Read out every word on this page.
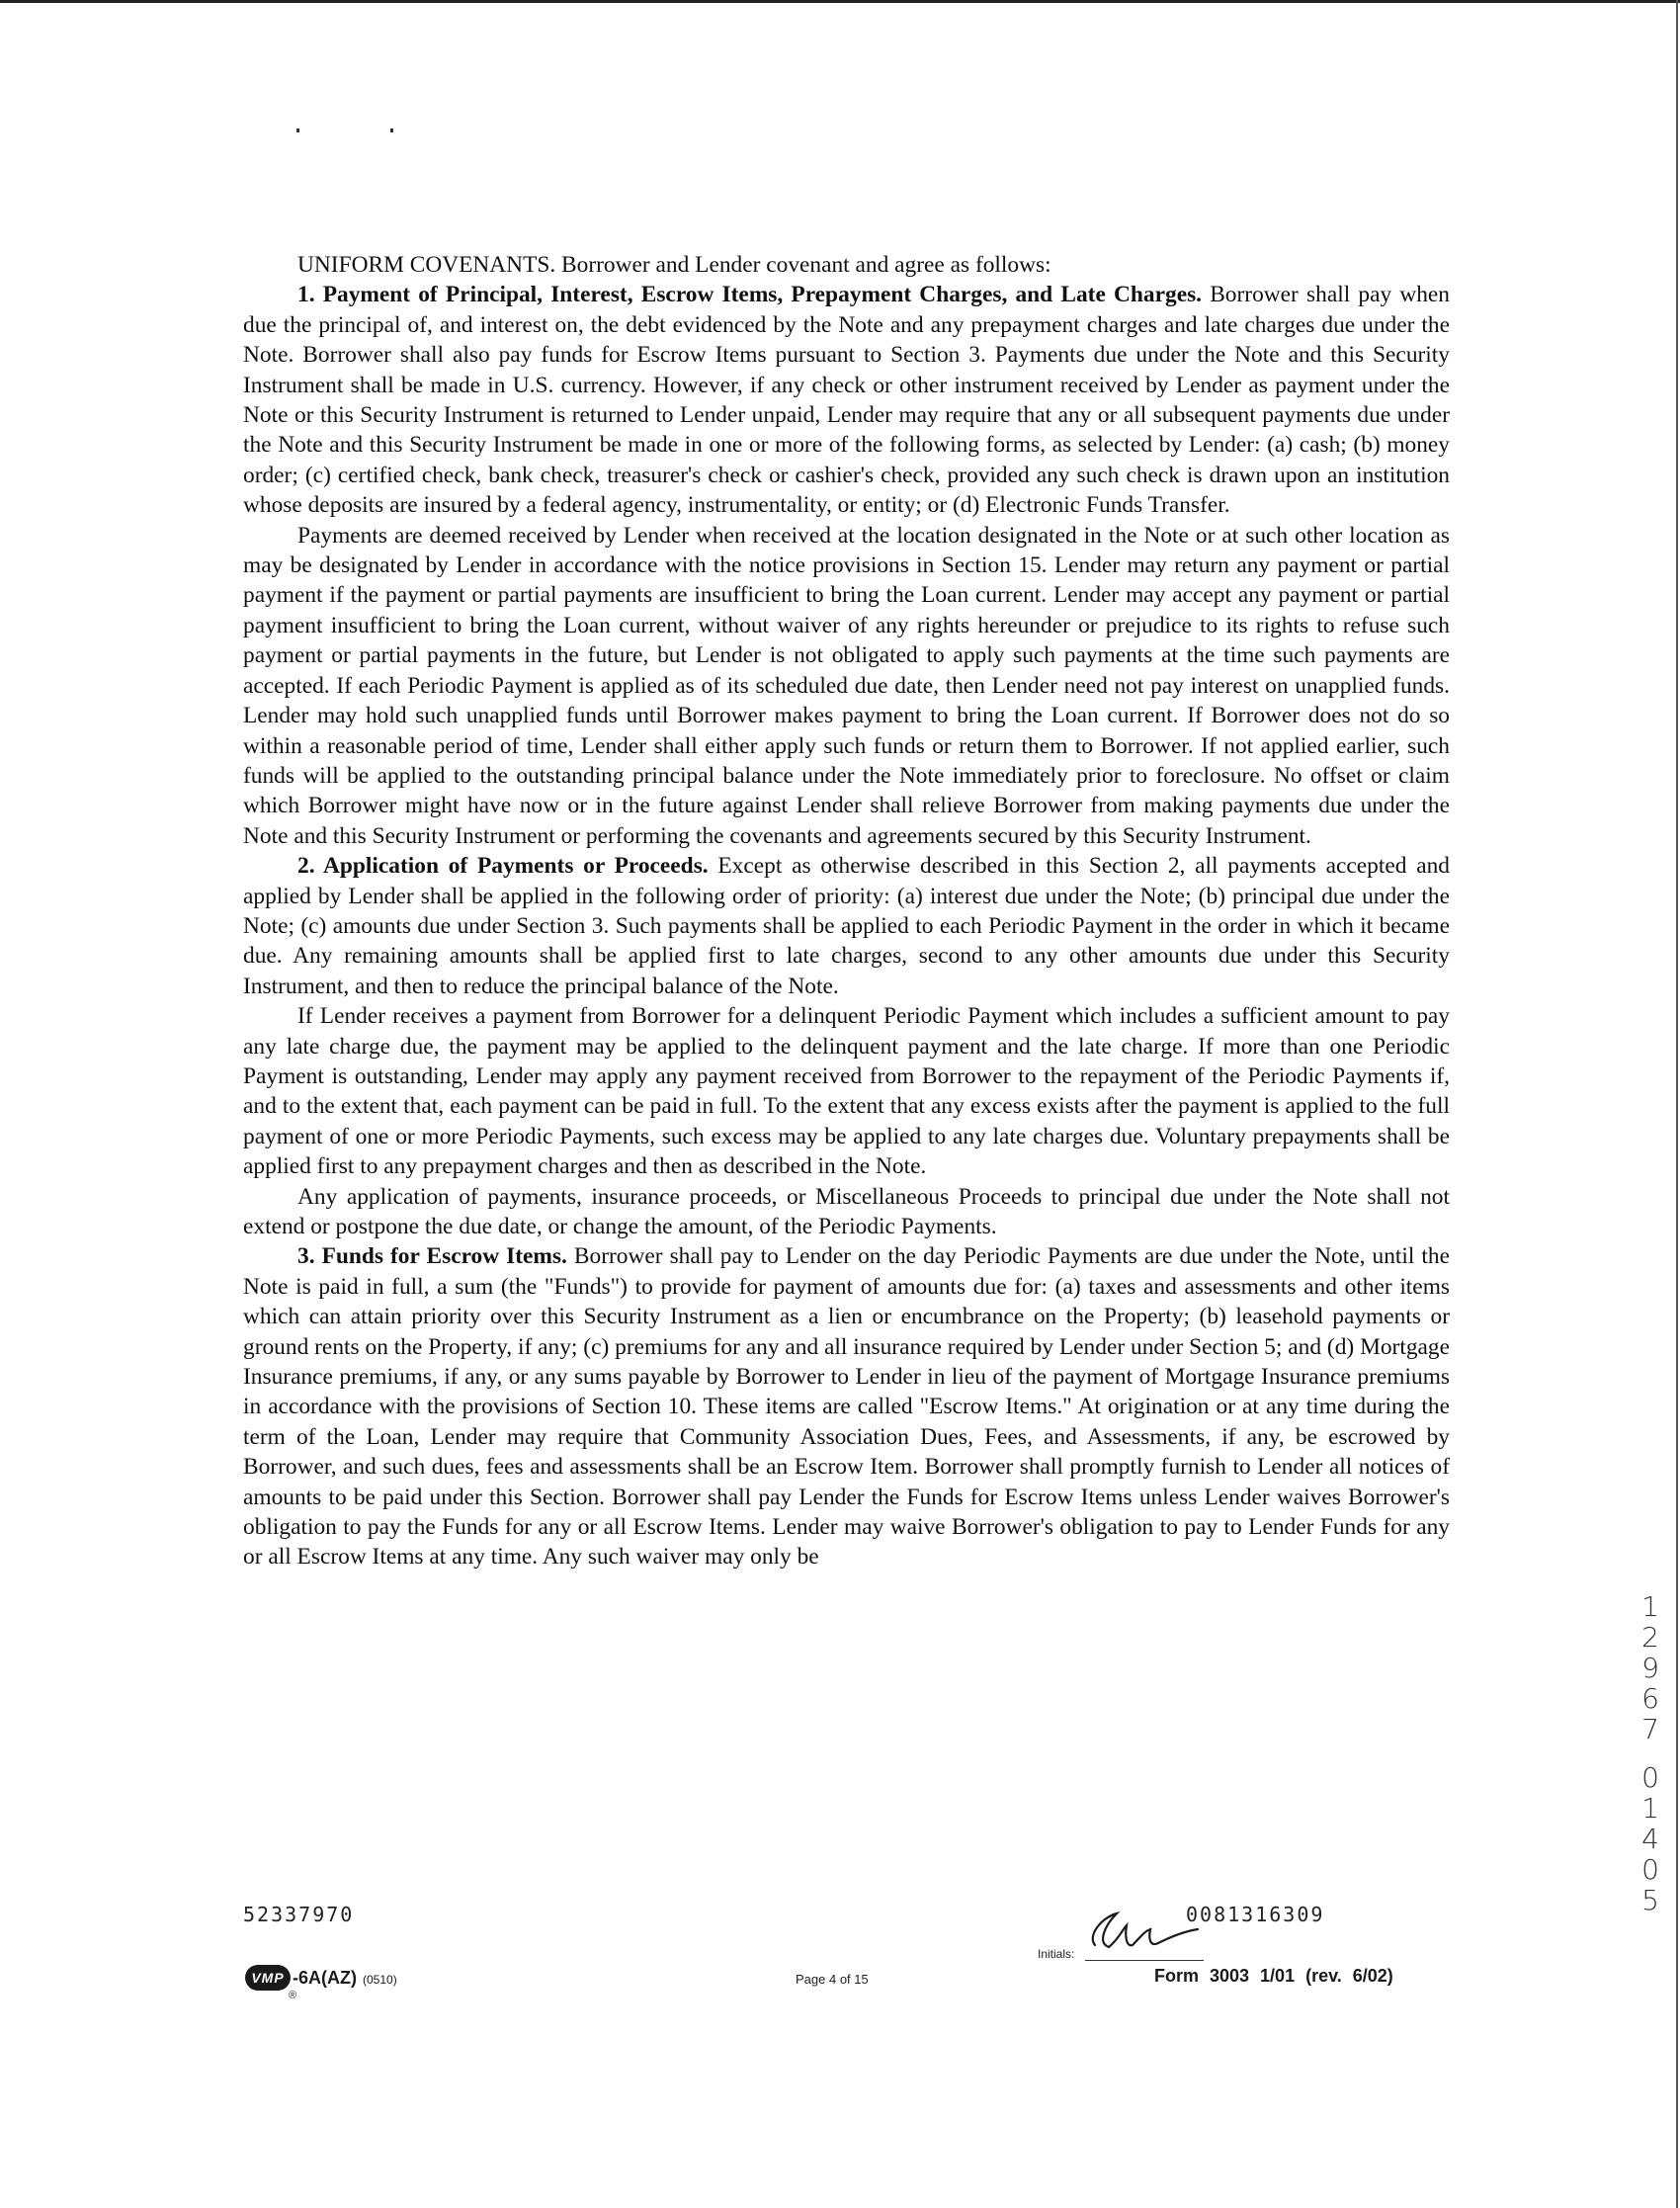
UNIFORM COVENANTS. Borrower and Lender covenant and agree as follows:

1. Payment of Principal, Interest, Escrow Items, Prepayment Charges, and Late Charges. Borrower shall pay when due the principal of, and interest on, the debt evidenced by the Note and any prepayment charges and late charges due under the Note. Borrower shall also pay funds for Escrow Items pursuant to Section 3. Payments due under the Note and this Security Instrument shall be made in U.S. currency. However, if any check or other instrument received by Lender as payment under the Note or this Security Instrument is returned to Lender unpaid, Lender may require that any or all subsequent payments due under the Note and this Security Instrument be made in one or more of the following forms, as selected by Lender: (a) cash; (b) money order; (c) certified check, bank check, treasurer's check or cashier's check, provided any such check is drawn upon an institution whose deposits are insured by a federal agency, instrumentality, or entity; or (d) Electronic Funds Transfer.

Payments are deemed received by Lender when received at the location designated in the Note or at such other location as may be designated by Lender in accordance with the notice provisions in Section 15. Lender may return any payment or partial payment if the payment or partial payments are insufficient to bring the Loan current. Lender may accept any payment or partial payment insufficient to bring the Loan current, without waiver of any rights hereunder or prejudice to its rights to refuse such payment or partial payments in the future, but Lender is not obligated to apply such payments at the time such payments are accepted. If each Periodic Payment is applied as of its scheduled due date, then Lender need not pay interest on unapplied funds. Lender may hold such unapplied funds until Borrower makes payment to bring the Loan current. If Borrower does not do so within a reasonable period of time, Lender shall either apply such funds or return them to Borrower. If not applied earlier, such funds will be applied to the outstanding principal balance under the Note immediately prior to foreclosure. No offset or claim which Borrower might have now or in the future against Lender shall relieve Borrower from making payments due under the Note and this Security Instrument or performing the covenants and agreements secured by this Security Instrument.

2. Application of Payments or Proceeds. Except as otherwise described in this Section 2, all payments accepted and applied by Lender shall be applied in the following order of priority: (a) interest due under the Note; (b) principal due under the Note; (c) amounts due under Section 3. Such payments shall be applied to each Periodic Payment in the order in which it became due. Any remaining amounts shall be applied first to late charges, second to any other amounts due under this Security Instrument, and then to reduce the principal balance of the Note.

If Lender receives a payment from Borrower for a delinquent Periodic Payment which includes a sufficient amount to pay any late charge due, the payment may be applied to the delinquent payment and the late charge. If more than one Periodic Payment is outstanding, Lender may apply any payment received from Borrower to the repayment of the Periodic Payments if, and to the extent that, each payment can be paid in full. To the extent that any excess exists after the payment is applied to the full payment of one or more Periodic Payments, such excess may be applied to any late charges due. Voluntary prepayments shall be applied first to any prepayment charges and then as described in the Note.

Any application of payments, insurance proceeds, or Miscellaneous Proceeds to principal due under the Note shall not extend or postpone the due date, or change the amount, of the Periodic Payments.

3. Funds for Escrow Items. Borrower shall pay to Lender on the day Periodic Payments are due under the Note, until the Note is paid in full, a sum (the "Funds") to provide for payment of amounts due for: (a) taxes and assessments and other items which can attain priority over this Security Instrument as a lien or encumbrance on the Property; (b) leasehold payments or ground rents on the Property, if any; (c) premiums for any and all insurance required by Lender under Section 5; and (d) Mortgage Insurance premiums, if any, or any sums payable by Borrower to Lender in lieu of the payment of Mortgage Insurance premiums in accordance with the provisions of Section 10. These items are called "Escrow Items." At origination or at any time during the term of the Loan, Lender may require that Community Association Dues, Fees, and Assessments, if any, be escrowed by Borrower, and such dues, fees and assessments shall be an Escrow Item. Borrower shall promptly furnish to Lender all notices of amounts to be paid under this Section. Borrower shall pay Lender the Funds for Escrow Items unless Lender waives Borrower's obligation to pay the Funds for any or all Escrow Items. Lender may waive Borrower's obligation to pay to Lender Funds for any or all Escrow Items at any time. Any such waiver may only be

1
2
9
6
7
0
1
4
0
5
52337970	0081316309
Initials:
VMP
®
-6A(AZ) (0510)	Page 4 of 15	Form 3003 1/01 (rev. 6/02)
